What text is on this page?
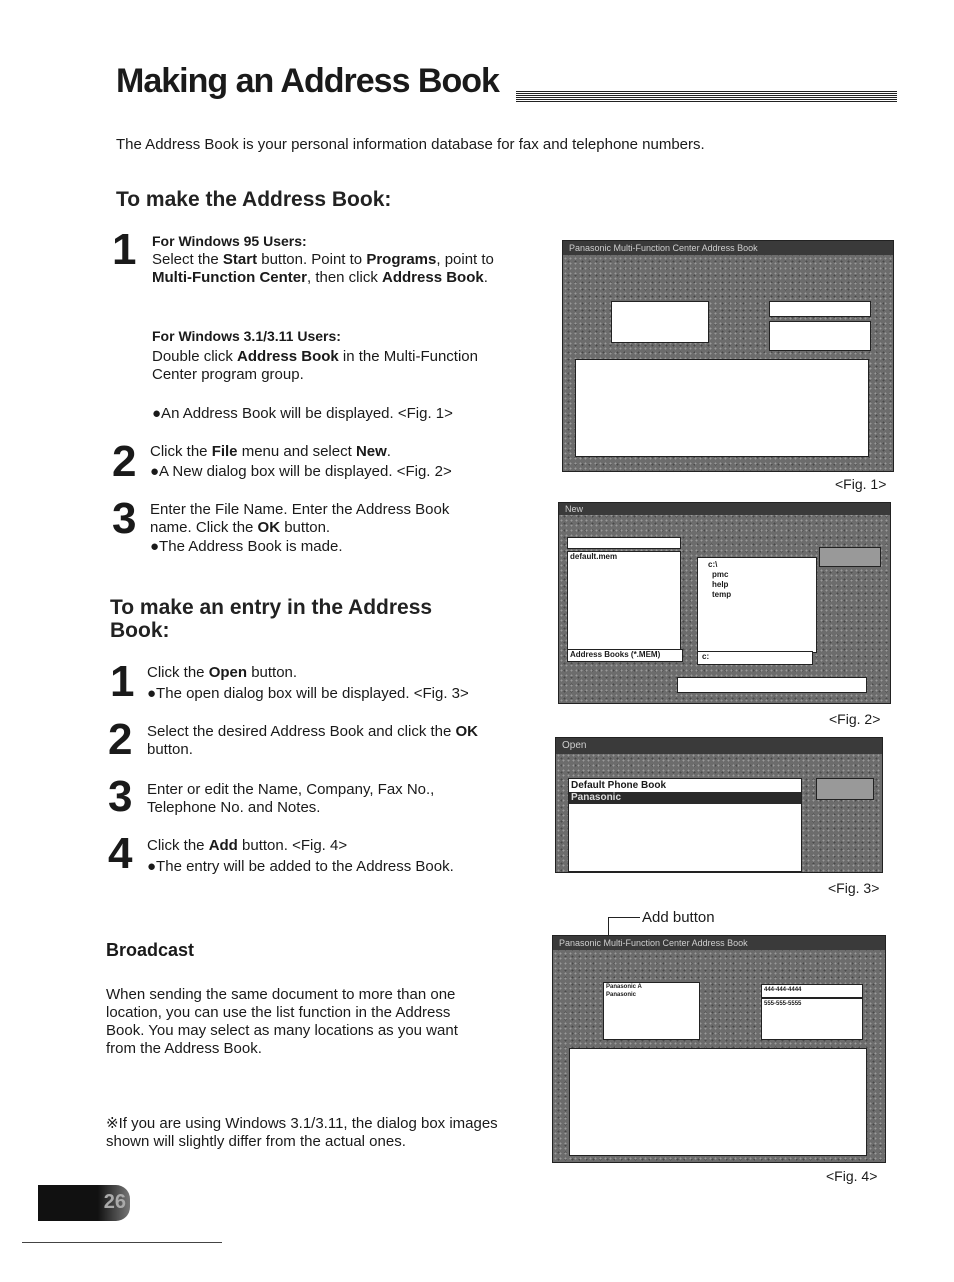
Making an Address Book
The Address Book is your personal information database for fax and telephone numbers.
To make the Address Book:
1 For Windows 95 Users:
Select the Start button. Point to Programs, point to Multi-Function Center, then click Address Book.
For Windows 3.1/3.11 Users:
Double click Address Book in the Multi-Function Center program group.
●An Address Book will be displayed. <Fig. 1>
2 Click the File menu and select New.
●A New dialog box will be displayed. <Fig. 2>
3 Enter the File Name. Enter the Address Book name. Click the OK button.
●The Address Book is made.
To make an entry in the Address Book:
1 Click the Open button.
●The open dialog box will be displayed. <Fig. 3>
2 Select the desired Address Book and click the OK button.
3 Enter or edit the Name, Company, Fax No., Telephone No. and Notes.
4 Click the Add button. <Fig. 4>
●The entry will be added to the Address Book.
Broadcast
When sending the same document to more than one location, you can use the list function in the Address Book. You may select as many locations as you want from the Address Book.
※If you are using Windows 3.1/3.11, the dialog box images shown will slightly differ from the actual ones.
26
Panasonic Multi-Function Center Address Book
<Fig. 1>
New
default.mem
c:\
pmc
help
temp
Address Books (*.MEM)	c:
<Fig. 2>
Open
Default Phone Book
Panasonic
<Fig. 3>
Add button
Panasonic Multi-Function Center Address Book
Panasonic A
Panasonic
444-444-4444
555-555-5555
<Fig. 4>
